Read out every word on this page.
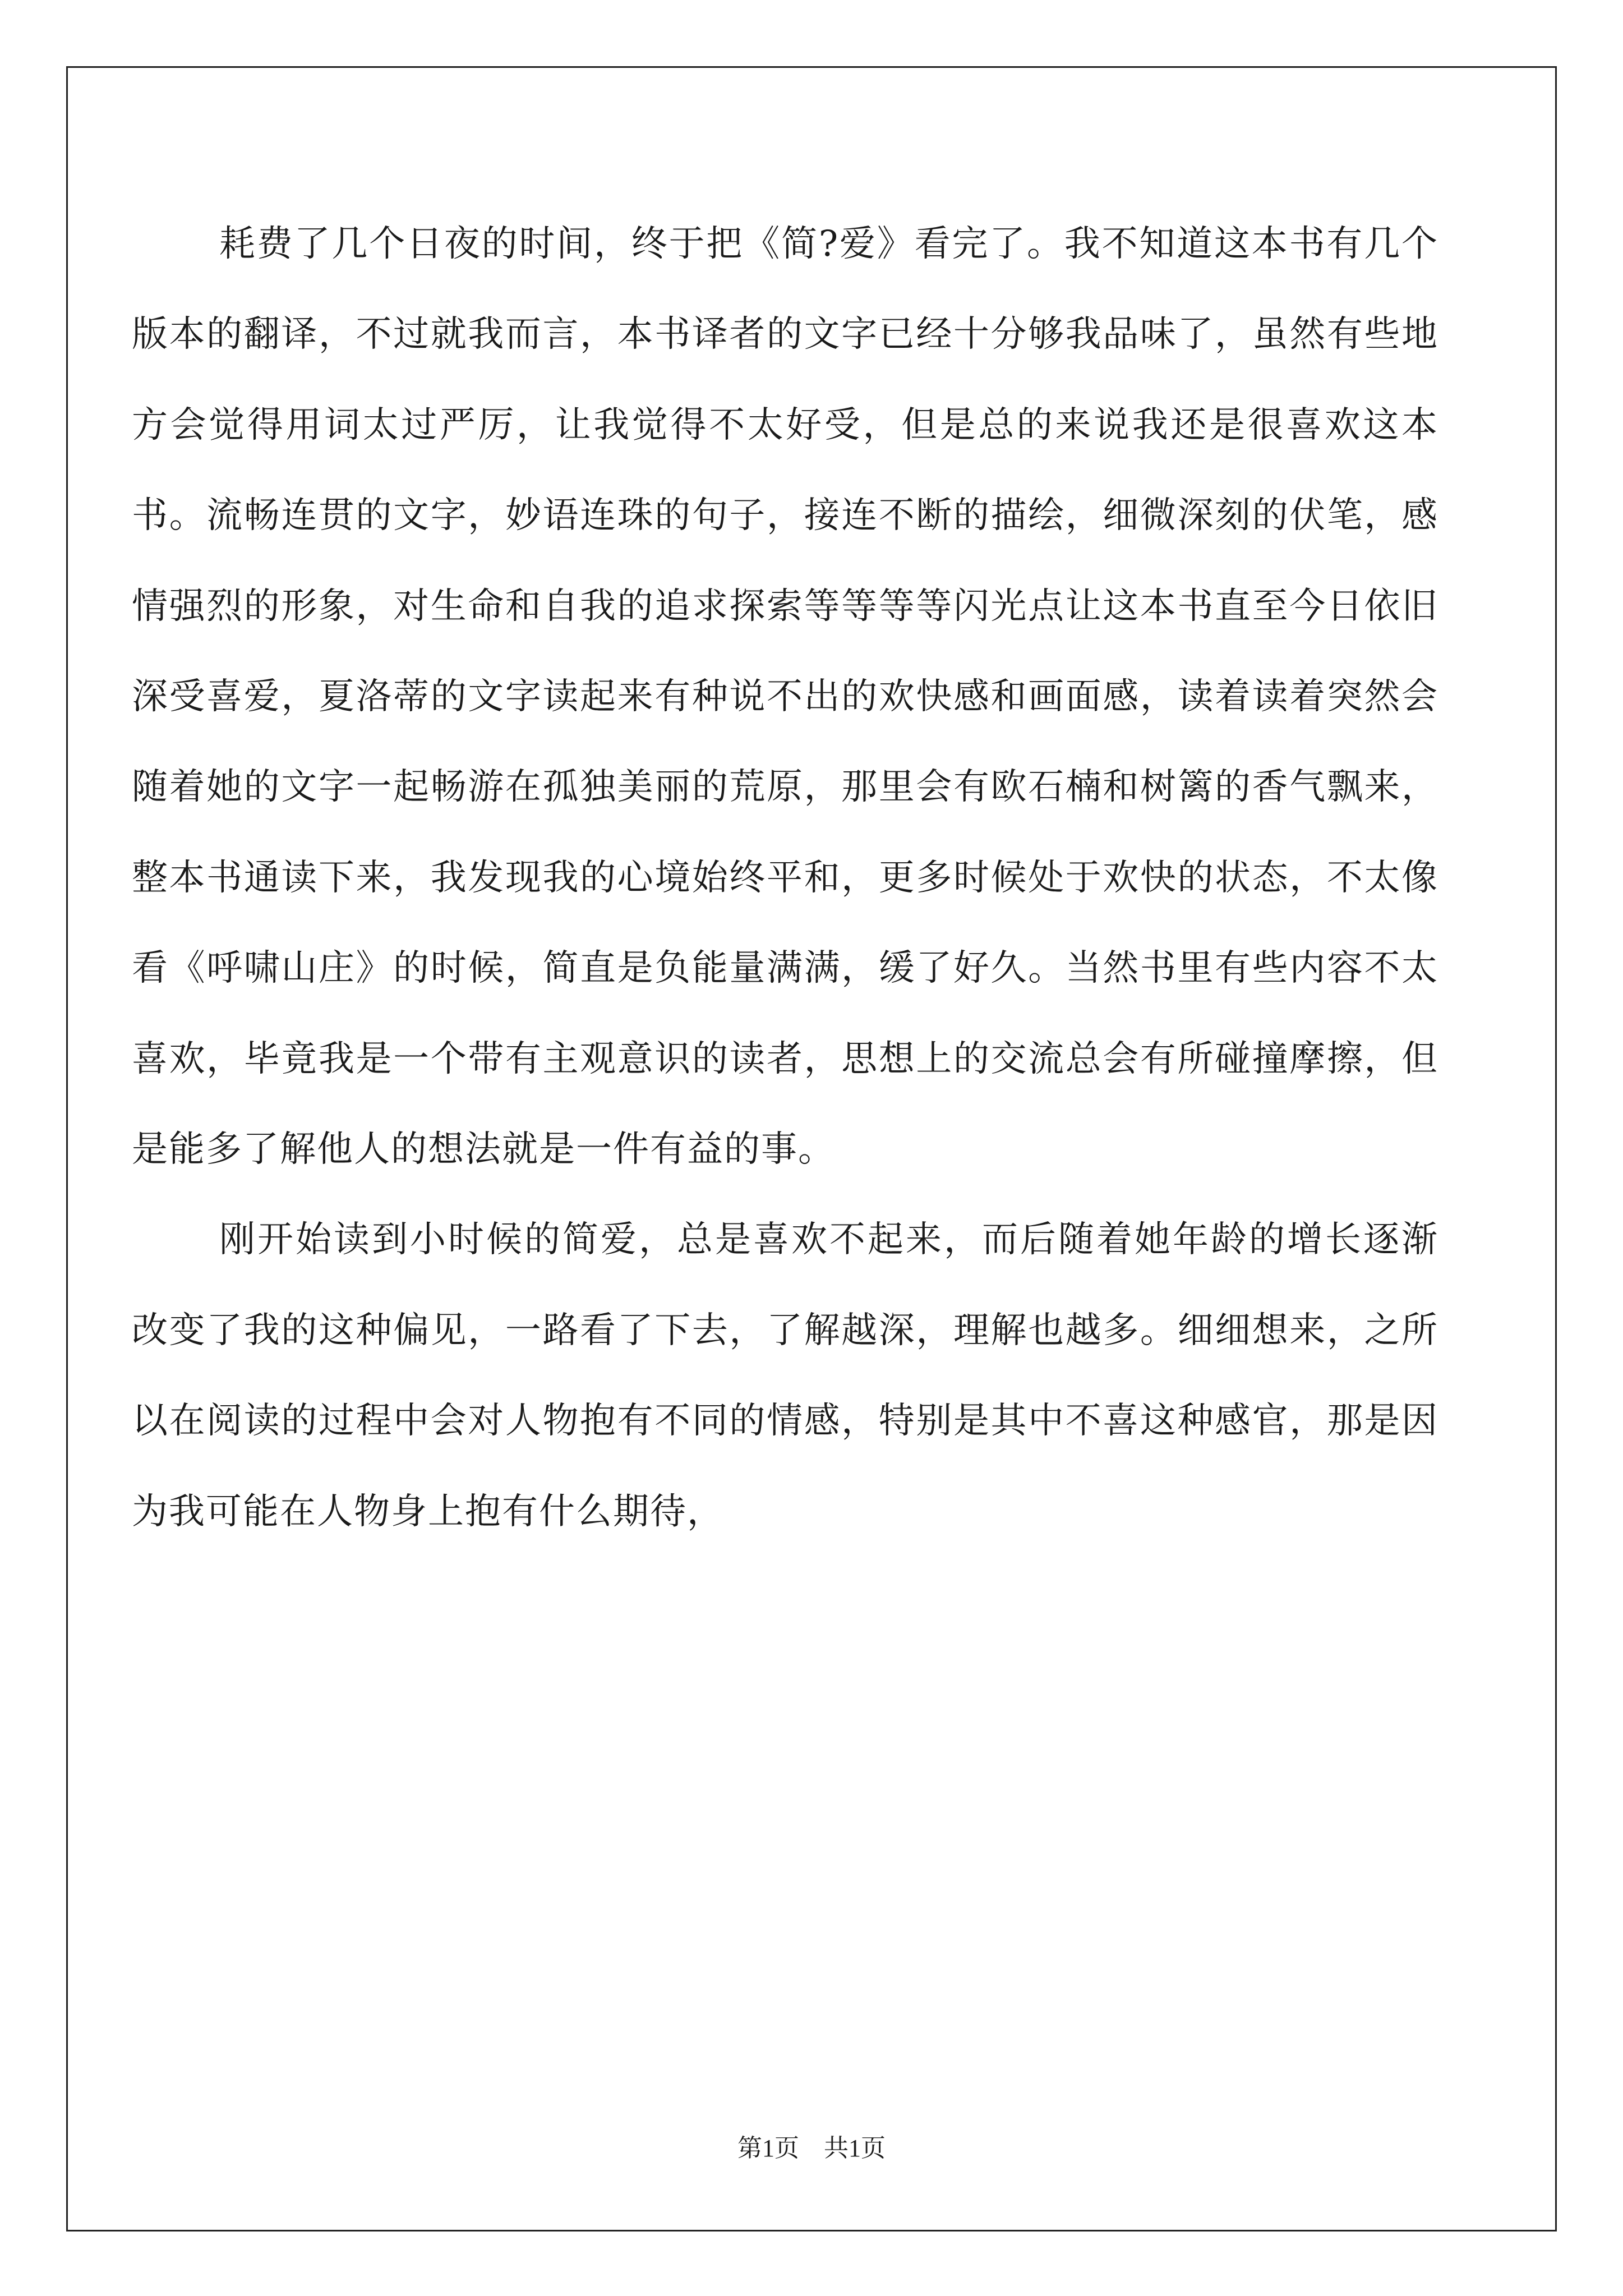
耗费了几个日夜的时间，终于把《简?爱》看完了。我不知道这本书有几个版本的翻译，不过就我而言，本书译者的文字已经十分够我品味了，虽然有些地方会觉得用词太过严厉，让我觉得不太好受，但是总的来说我还是很喜欢这本书。流畅连贯的文字，妙语连珠的句子，接连不断的描绘，细微深刻的伏笔，感情强烈的形象，对生命和自我的追求探索等等等等闪光点让这本书直至今日依旧深受喜爱，夏洛蒂的文字读起来有种说不出的欢快感和画面感，读着读着突然会随着她的文字一起畅游在孤独美丽的荒原，那里会有欧石楠和树篱的香气飘来，整本书通读下来，我发现我的心境始终平和，更多时候处于欢快的状态，不太像看《呼啸山庄》的时候，简直是负能量满满，缓了好久。当然书里有些内容不太喜欢，毕竟我是一个带有主观意识的读者，思想上的交流总会有所碰撞摩擦，但是能多了解他人的想法就是一件有益的事。

刚开始读到小时候的简爱，总是喜欢不起来，而后随着她年龄的增长逐渐改变了我的这种偏见，一路看了下去，了解越深，理解也越多。细细想来，之所以在阅读的过程中会对人物抱有不同的情感，特别是其中不喜这种感官，那是因为我可能在人物身上抱有什么期待，

第1页　共1页
